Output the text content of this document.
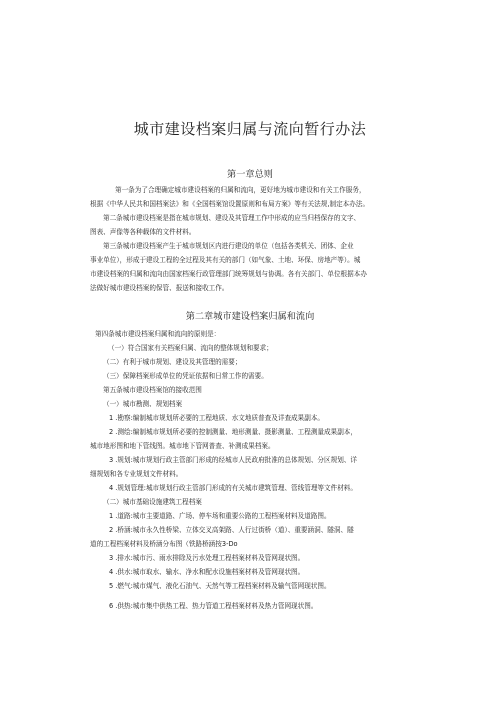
城市建设档案归属与流向暂行办法
第一章总则
第一条为了合理确定城市建设档案的归属和流向，更好地为城市建设和有关工作服务，
根据《中华人民共和国档案法》和《全国档案馆设置原则和布局方案》等有关法规,制定本办法。
第二条城市建设档案是指在城市规划、建设及其管理工作中形成的应当归档保存的文字、
图表、声像等各种载体的文件材料。
第三条城市建设档案产生于城市规划区内进行建设的单位（包括各类机关、团体、企业
事业单位），形成于建设工程的全过程及其有关的部门（如气象、土地、环保、房地产等）。城
市建设档案的归属和流向由国家档案行政管理部门统筹规划与协调。各有关部门、单位根据本办
法做好城市建设档案的保管、报送和接收工作。
第二章城市建设档案归属和流向
第四条城市建设档案归属和流向的原则是：
（一）符合国家有关档案归属、流向的整体规划和要求；
（二）有利于城市规划、建设及其管理的需要；
（三）保障档案形成单位的凭证依据和日常工作的需要。
第五条城市建设档案馆的接收范围
（一）城市勘测、规划档案
1 .勘察:编制城市规划所必要的工程地质、水文地质普查及详查成果副本。
2 .测绘:编制城市规划所必要的控制测量、地形测量、摄影测量、工程测量成果副本，
城市地形图和地下管线图。城市地下管网普查、补测成果档案。
3 .规划:城市规划行政主管部门形成的经城市人民政府批准的总体规划、分区规划、详
细规划和各专业规划文件材料。
4 .规划管理:城市规划行政主管部门形成的有关城市建筑管理、管线管理等文件材料。
（二）城市基础设施建筑工程档案
1 .道路:城市主要道路、广场、停车场和重要公路的工程档案材料及道路图。
2 .桥涵:城市永久性桥梁、立体交叉高架路、人行过街桥（道）、重要涵洞、隧洞、隧
道的工程档案材料及桥涵分布图（铁路桥涵按3-Do
3 .排水:城市污、雨水排除及污水处理工程档案材料及管网现状图。
4 .供水:城市取水、输水、净水和配水设施档案材料及管网现状图。
5 .燃气:城市煤气、液化石油气、天然气等工程档案材料及输气管网现状图。
6 .供热:城市集中供热工程、热力管道工程档案材料及热力管网现状图。
